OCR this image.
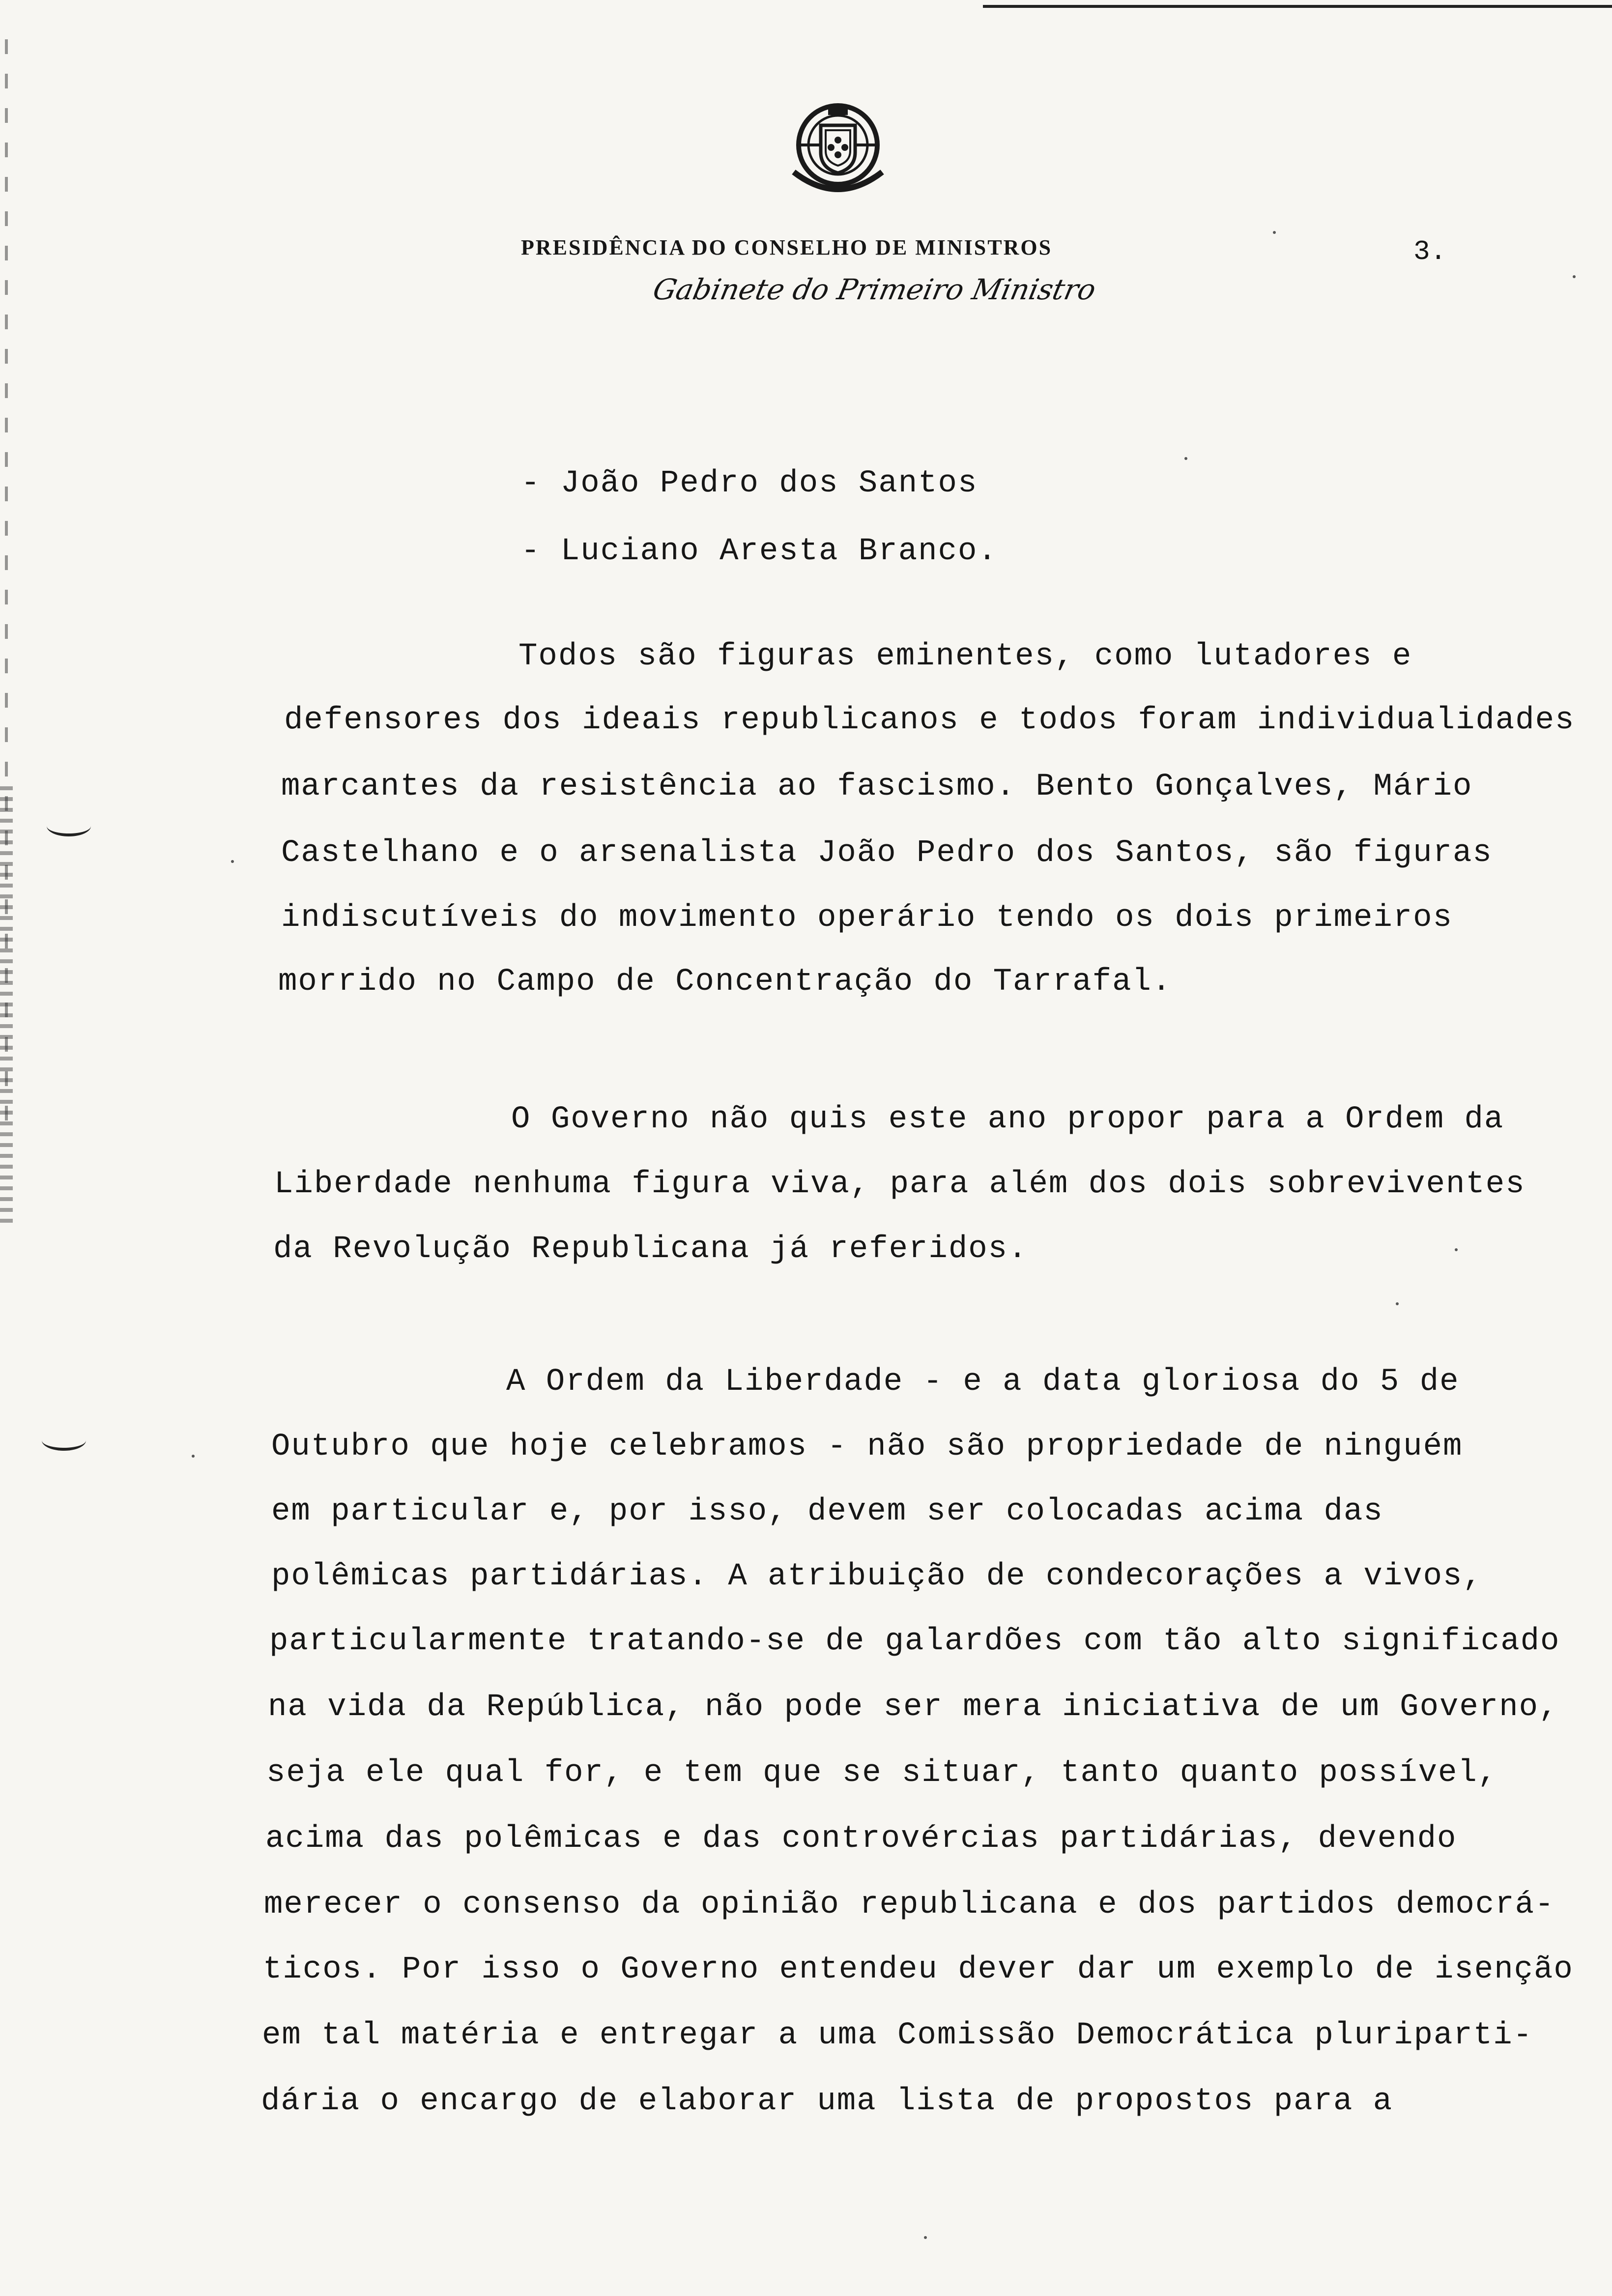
PRESIDÊNCIA DO CONSELHO DE MINISTROS

Gabinete do Primeiro Ministro

3.

- João Pedro dos Santos

- Luciano Aresta Branco.

Todos são figuras eminentes, como lutadores e

defensores dos ideais republicanos e todos foram individualidades

marcantes da resistência ao fascismo. Bento Gonçalves, Mário

Castelhano e o arsenalista João Pedro dos Santos, são figuras

indiscutíveis do movimento operário tendo os dois primeiros

morrido no Campo de Concentração do Tarrafal.

O Governo não quis este ano propor para a Ordem da

Liberdade nenhuma figura viva, para além dos dois sobreviventes

da Revolução Republicana já referidos.

A Ordem da Liberdade - e a data gloriosa do 5 de

Outubro que hoje celebramos - não são propriedade de ninguém

em particular e, por isso, devem ser colocadas acima das

polêmicas partidárias. A atribuição de condecorações a vivos,

particularmente tratando-se de galardões com tão alto significado

na vida da República, não pode ser mera iniciativa de um Governo,

seja ele qual for, e tem que se situar, tanto quanto possível,

acima das polêmicas e das controvércias partidárias, devendo

merecer o consenso da opinião republicana e dos partidos democrá-

ticos. Por isso o Governo entendeu dever dar um exemplo de isenção

em tal matéria e entregar a uma Comissão Democrática pluriparti-

dária o encargo de elaborar uma lista de propostos para a
